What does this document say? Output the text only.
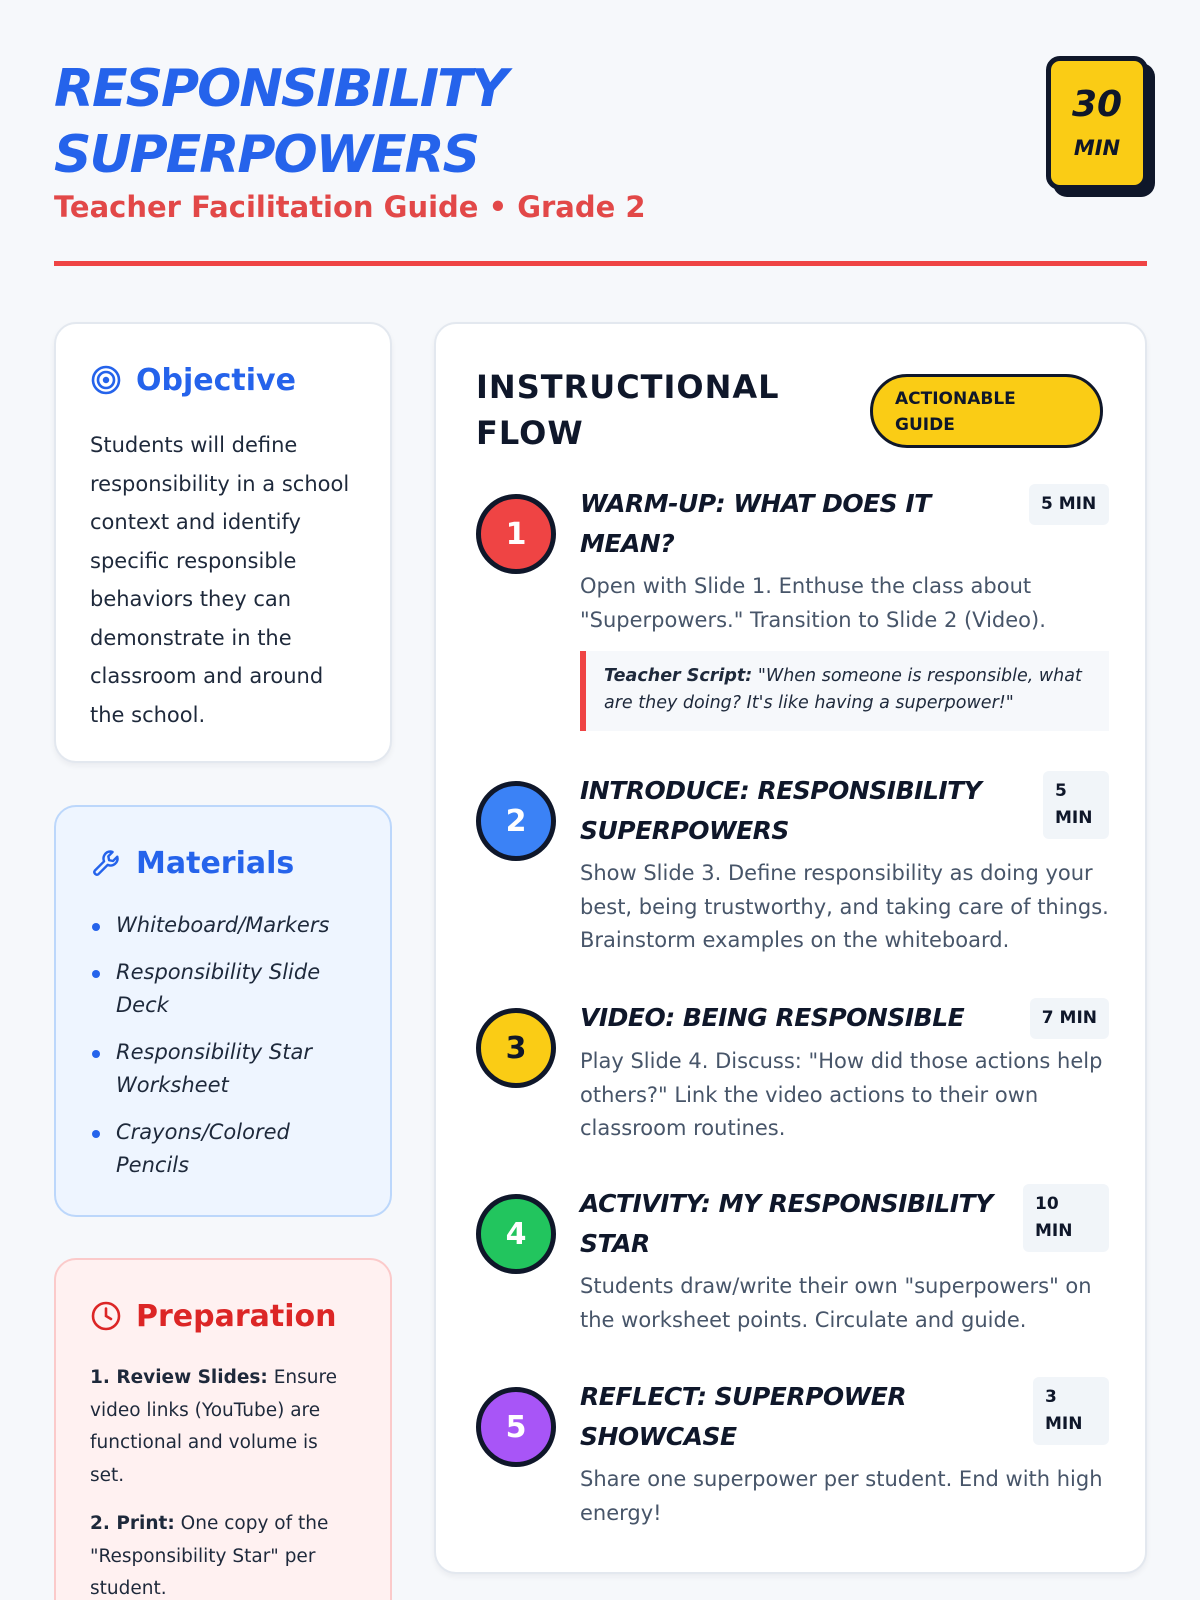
RESPONSIBILITY SUPERPOWERS
Teacher Facilitation Guide • Grade 2
30
MIN
Objective

Students will define responsibility in a school context and identify specific responsible behaviors they can demonstrate in the classroom and around the school.

Materials
Whiteboard/Markers
Responsibility Slide Deck
Responsibility Star Worksheet
Crayons/Colored Pencils
Preparation

1. Review Slides: Ensure video links (YouTube) are functional and volume is set.

2. Print: One copy of the "Responsibility Star" per student.

INSTRUCTIONAL FLOW
ACTIONABLE GUIDE
1
WARM-UP: WHAT DOES IT MEAN?
5 MIN

Open with Slide 1. Enthuse the class about "Superpowers." Transition to Slide 2 (Video).

Teacher Script: "When someone is responsible, what are they doing? It's like having a superpower!"
2
INTRODUCE: RESPONSIBILITY SUPERPOWERS
5 MIN

Show Slide 3. Define responsibility as doing your best, being trustworthy, and taking care of things. Brainstorm examples on the whiteboard.

3
VIDEO: BEING RESPONSIBLE	7 MIN

Play Slide 4. Discuss: "How did those actions help others?" Link the video actions to their own classroom routines.

4
ACTIVITY: MY RESPONSIBILITY STAR
10 MIN

Students draw/write their own "superpowers" on the worksheet points. Circulate and guide.

5
REFLECT: SUPERPOWER SHOWCASE
3 MIN

Share one superpower per student. End with high energy!
